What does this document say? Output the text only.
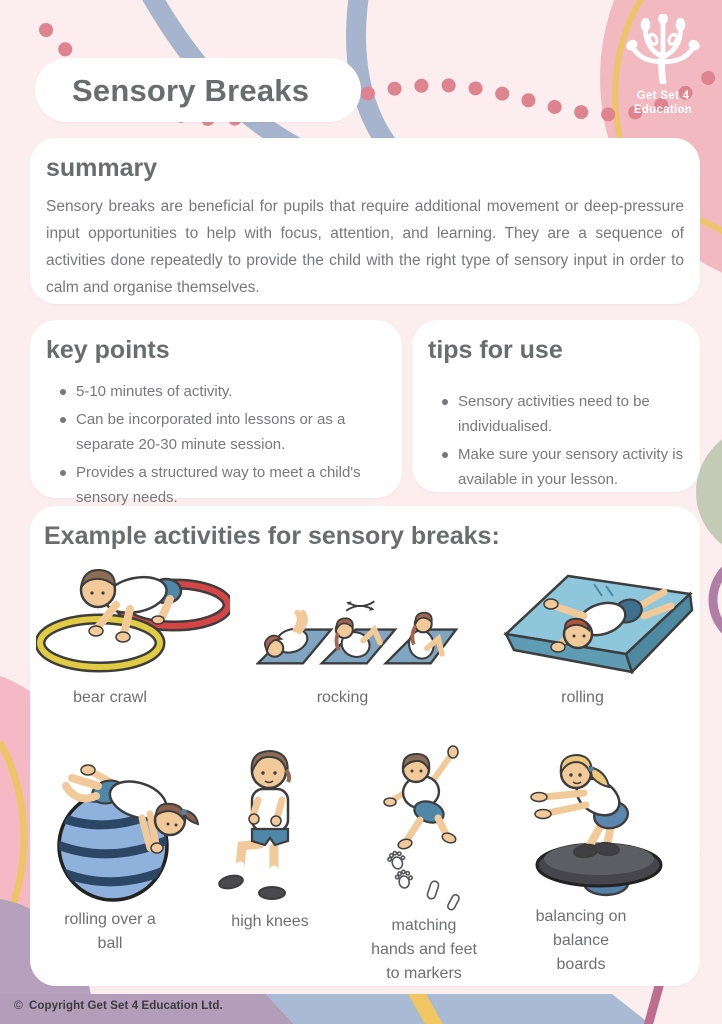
Get Set 4
Education
Sensory Breaks
summary

Sensory breaks are beneficial for pupils that require additional movement or deep-pressure input opportunities to help with focus, attention, and learning. They are a sequence of activities done repeatedly to provide the child with the right type of sensory input in order to calm and organise themselves.

key points
5-10 minutes of activity.
Can be incorporated into lessons or as a separate 20-30 minute session.
Provides a structured way to meet a child's sensory needs.
tips for use
Sensory activities need to be individualised.
Make sure your sensory activity is available in your lesson.
Example activities for sensory breaks:
bear crawl	rocking	rolling
rolling over a ball
high knees	matching hands and feet to markers
balancing on balance boards
© Copyright Get Set 4 Education Ltd.
